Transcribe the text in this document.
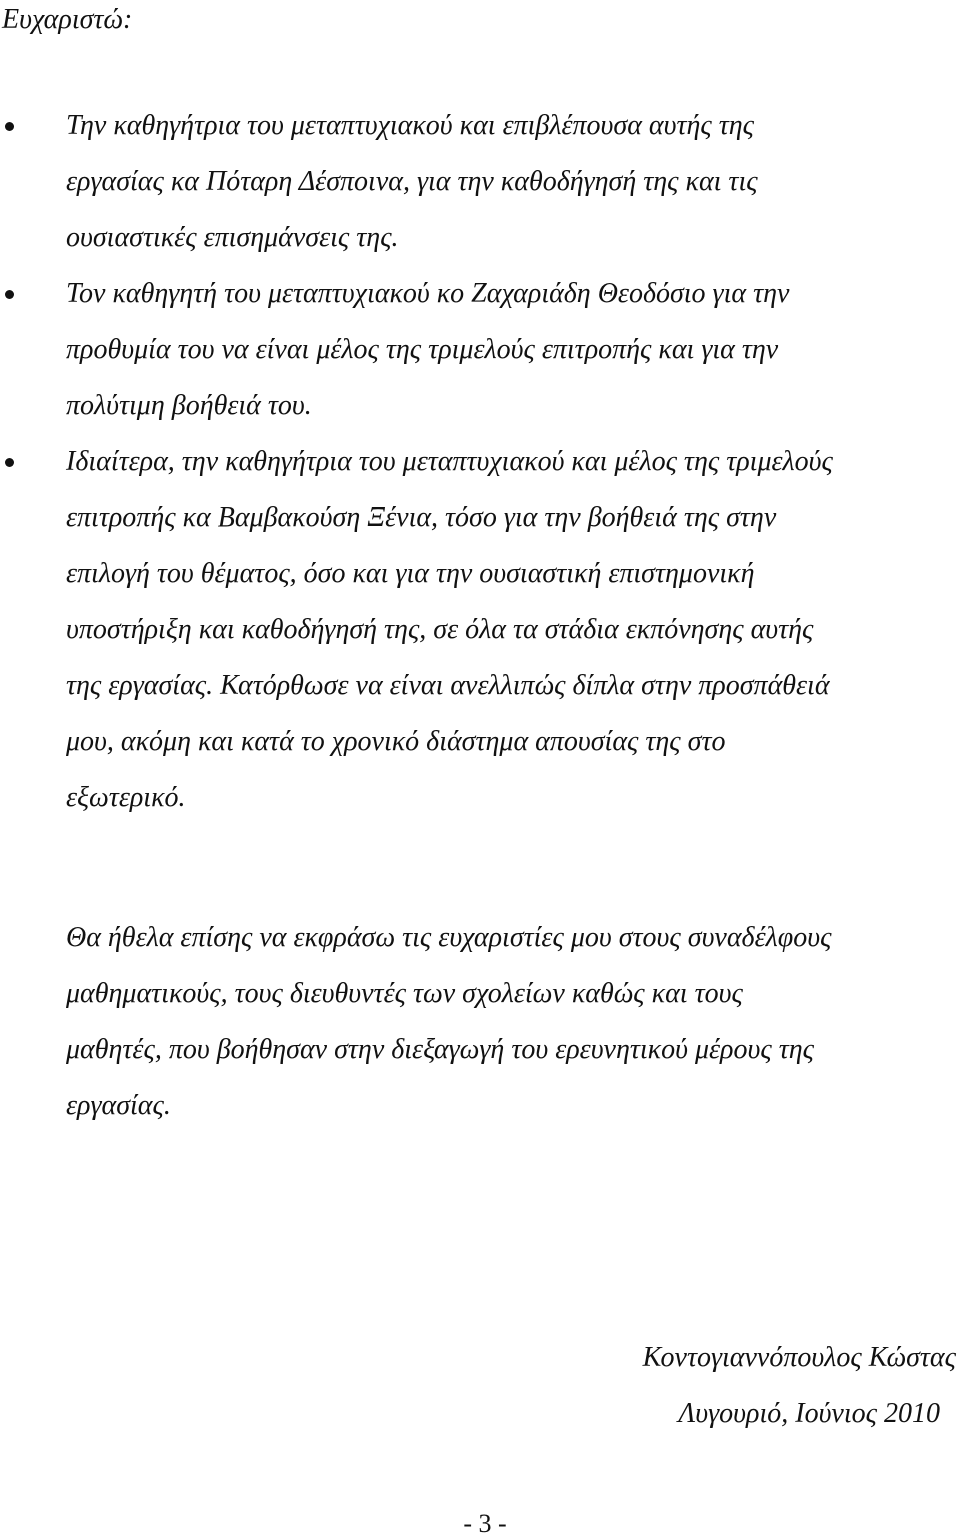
Ευχαριστώ:
Την καθηγήτρια του μεταπτυχιακού και επιβλέπουσα αυτής της
εργασίας κα Πόταρη Δέσποινα, για την καθοδήγησή της και τις
ουσιαστικές επισημάνσεις της.
Τον καθηγητή του μεταπτυχιακού κο Ζαχαριάδη Θεοδόσιο για την
προθυμία του να είναι μέλος της τριμελούς επιτροπής και για την
πολύτιμη βοήθειά του.
Ιδιαίτερα, την καθηγήτρια του μεταπτυχιακού και μέλος της τριμελούς
επιτροπής κα Βαμβακούση Ξένια, τόσο για την βοήθειά της στην
επιλογή του θέματος, όσο και για την ουσιαστική επιστημονική
υποστήριξη και καθοδήγησή της, σε όλα τα στάδια εκπόνησης αυτής
της εργασίας. Κατόρθωσε να είναι ανελλιπώς δίπλα στην προσπάθειά
μου, ακόμη και κατά το χρονικό διάστημα απουσίας της στο
εξωτερικό.

Θα ήθελα επίσης να εκφράσω τις ευχαριστίες μου στους συναδέλφους
μαθηματικούς, τους διευθυντές των σχολείων καθώς και τους
μαθητές, που βοήθησαν στην διεξαγωγή του ερευνητικού μέρους της
εργασίας.

Κοντογιαννόπουλος Κώστας
Λυγουριό, Ιούνιος 2010
- 3 -
